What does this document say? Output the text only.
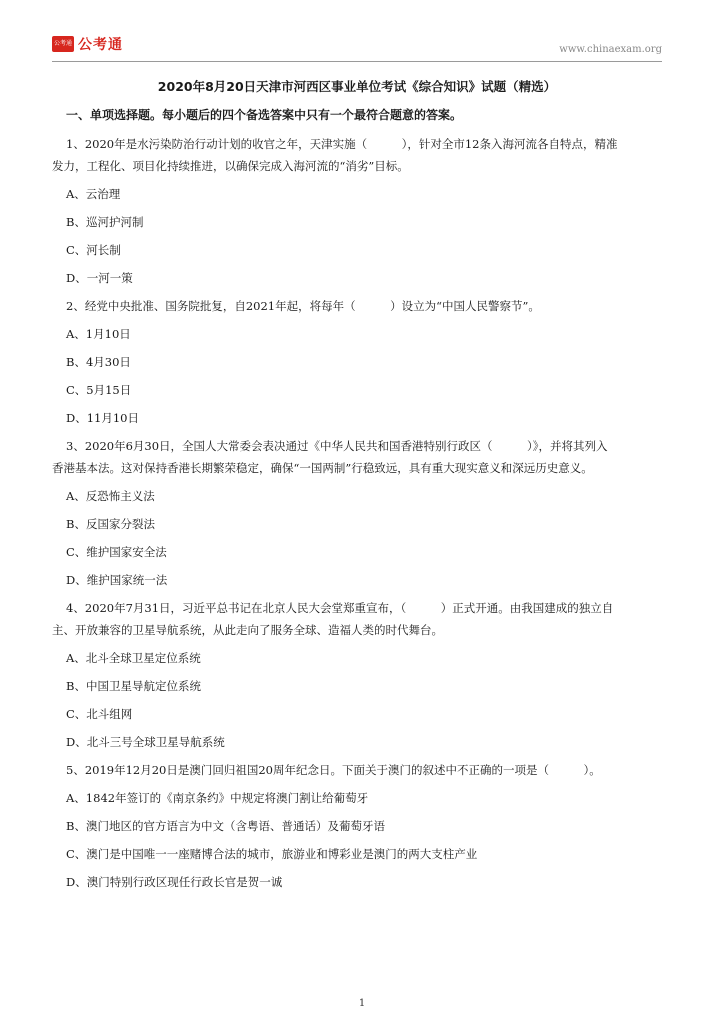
公考通 公考通	www.chinaexam.org
2020年8月20日天津市河西区事业单位考试《综合知识》试题（精选）
一、单项选择题。每小题后的四个备选答案中只有一个最符合题意的答案。

1、2020年是水污染防治行动计划的收官之年，天津实施（　　　），针对全市12条入海河流各自特点，精准

发力，工程化、项目化持续推进，以确保完成入海河流的“消劣”目标。

A、云治理

B、巡河护河制

C、河长制

D、一河一策

2、经党中央批准、国务院批复，自2021年起，将每年（　　　）设立为“中国人民警察节”。

A、1月10日

B、4月30日

C、5月15日

D、11月10日

3、2020年6月30日，全国人大常委会表决通过《中华人民共和国香港特别行政区（　　　）》，并将其列入

香港基本法。这对保持香港长期繁荣稳定，确保“一国两制”行稳致远，具有重大现实意义和深远历史意义。

A、反恐怖主义法

B、反国家分裂法

C、维护国家安全法

D、维护国家统一法

4、2020年7月31日，习近平总书记在北京人民大会堂郑重宣布，（　　　）正式开通。由我国建成的独立自

主、开放兼容的卫星导航系统，从此走向了服务全球、造福人类的时代舞台。

A、北斗全球卫星定位系统

B、中国卫星导航定位系统

C、北斗组网

D、北斗三号全球卫星导航系统

5、2019年12月20日是澳门回归祖国20周年纪念日。下面关于澳门的叙述中不正确的一项是（　　　）。

A、1842年签订的《南京条约》中规定将澳门割让给葡萄牙

B、澳门地区的官方语言为中文（含粤语、普通话）及葡萄牙语

C、澳门是中国唯一一座赌博合法的城市，旅游业和博彩业是澳门的两大支柱产业

D、澳门特别行政区现任行政长官是贺一诚

1
